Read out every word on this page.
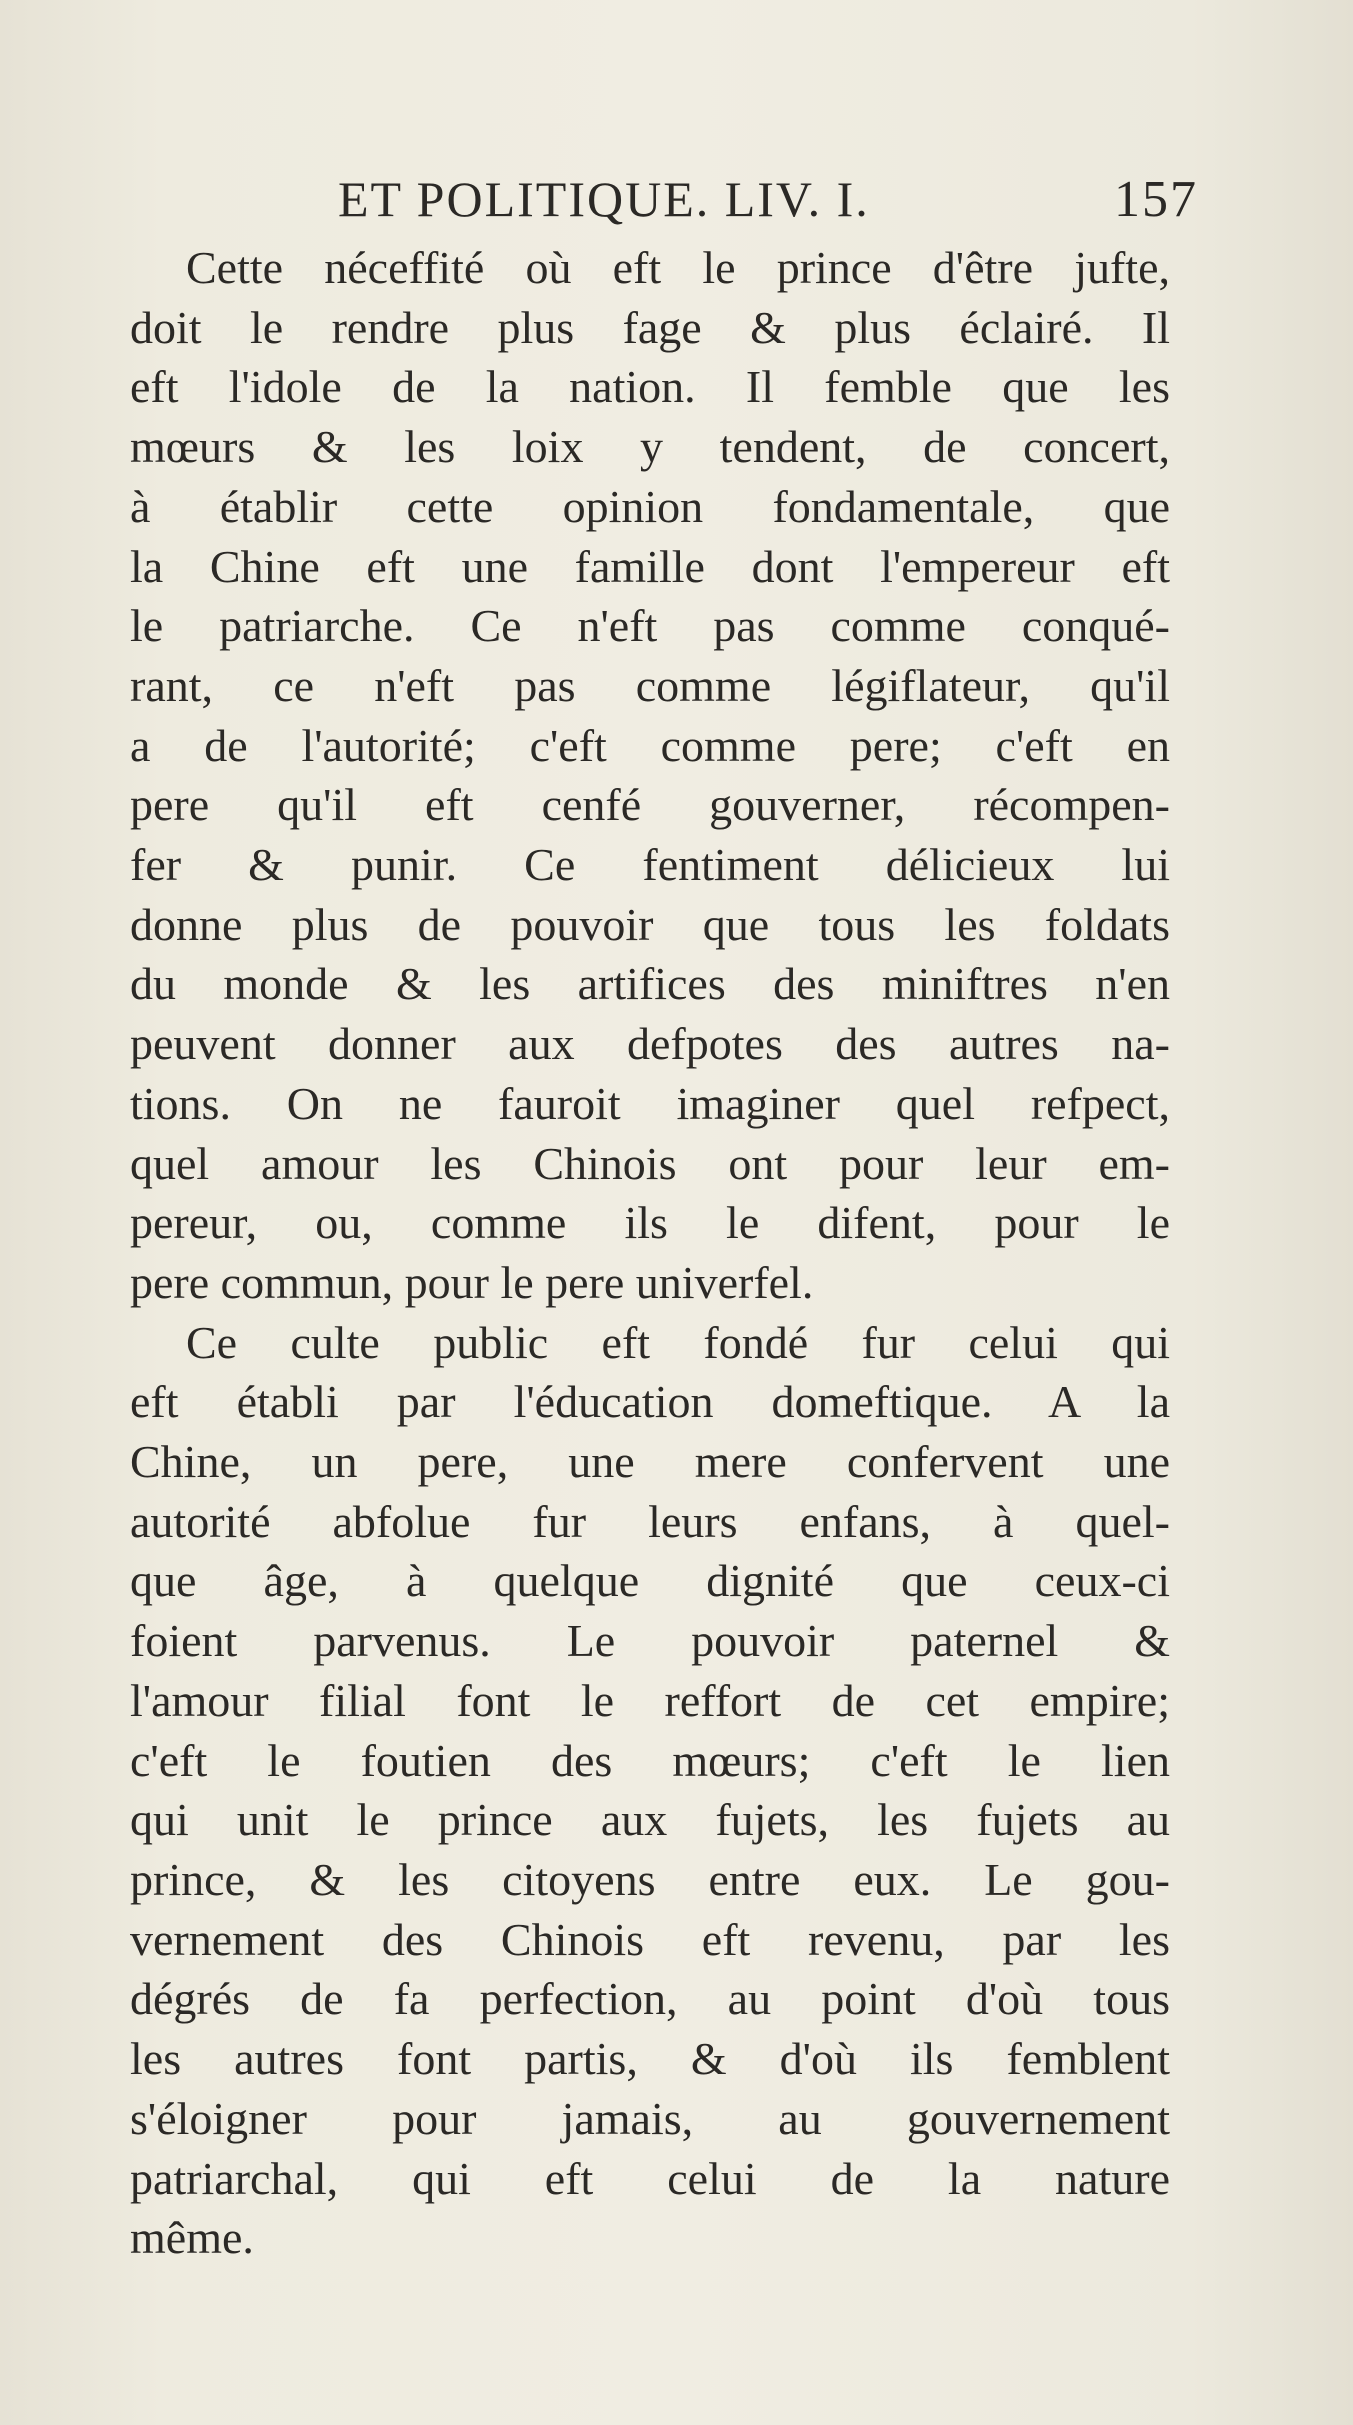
ET POLITIQUE. LIV. I.	157
Cette néceffité où eft le prince d'être jufte,
doit le rendre plus fage & plus éclairé. Il
eft l'idole de la nation. Il femble que les
mœurs & les loix y tendent, de concert,
à établir cette opinion fondamentale, que
la Chine eft une famille dont l'empereur eft
le patriarche. Ce n'eft pas comme conqué-
rant, ce n'eft pas comme légiflateur, qu'il
a de l'autorité; c'eft comme pere; c'eft en
pere qu'il eft cenfé gouverner, récompen-
fer & punir. Ce fentiment délicieux lui
donne plus de pouvoir que tous les foldats
du monde & les artifices des miniftres n'en
peuvent donner aux defpotes des autres na-
tions. On ne fauroit imaginer quel refpect,
quel amour les Chinois ont pour leur em-
pereur, ou, comme ils le difent, pour le
pere commun, pour le pere univerfel.
Ce culte public eft fondé fur celui qui
eft établi par l'éducation domeftique. A la
Chine, un pere, une mere confervent une
autorité abfolue fur leurs enfans, à quel-
que âge, à quelque dignité que ceux-ci
foient parvenus. Le pouvoir paternel &
l'amour filial font le reffort de cet empire;
c'eft le foutien des mœurs; c'eft le lien
qui unit le prince aux fujets, les fujets au
prince, & les citoyens entre eux. Le gou-
vernement des Chinois eft revenu, par les
dégrés de fa perfection, au point d'où tous
les autres font partis, & d'où ils femblent
s'éloigner pour jamais, au gouvernement
patriarchal, qui eft celui de la nature
même.
